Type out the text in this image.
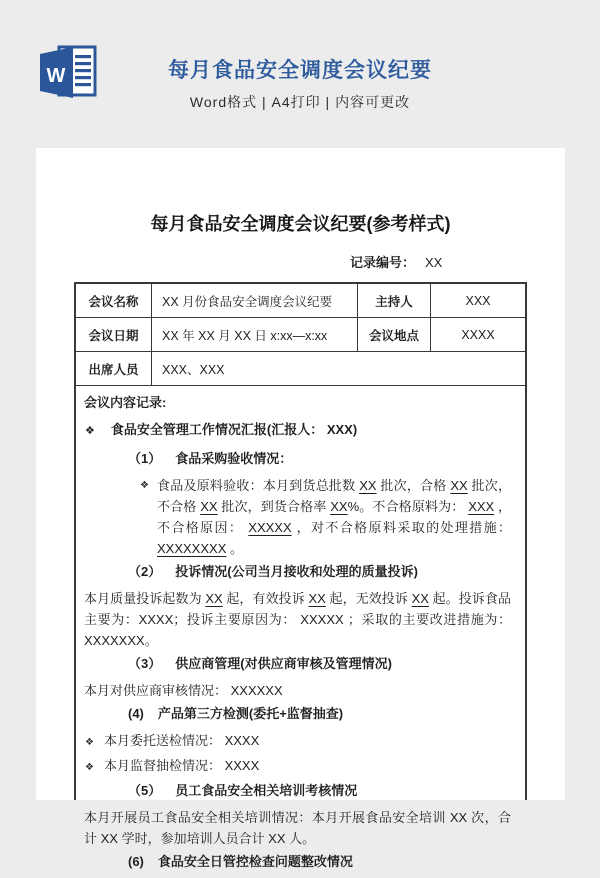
W	每月食品安全调度会议纪要

Word格式 | A4打印 | 内容可更改

每月食品安全调度会议纪要(参考样式)
记录编号： XX
会议名称	XX 月份食品安全调度会议纪要	主持人	XXX
会议日期	XX 年 XX 月 XX 日 x:xx—x:xx	会议地点	XXXX
出席人员	XXX、XXX
会议内容记录:
❖ 食品安全管理工作情况汇报(汇报人： XXX)
（1） 食品采购验收情况：
❖ 食品及原料验收：本月到货总批数 XX 批次，合格 XX 批次，不合格 XX 批次，到货合格率 XX%。不合格原料为： XXX ，不合格原因： XXXXX ，对不合格原料采取的处理措施： XXXXXXXX 。
（2） 投诉情况(公司当月接收和处理的质量投诉)
本月质量投诉起数为 XX 起，有效投诉 XX 起，无效投诉 XX 起。投诉食品主要为：XXXX；投诉主要原因为： XXXXX ；采取的主要改进措施为： XXXXXXX。
（3） 供应商管理(对供应商审核及管理情况)
本月对供应商审核情况： XXXXXX
(4) 产品第三方检测(委托+监督抽查)
❖ 本月委托送检情况： XXXX
❖ 本月监督抽检情况： XXXX
（5） 员工食品安全相关培训考核情况
本月开展员工食品安全相关培训情况：本月开展食品安全培训 XX 次，合计 XX 学时，参加培训人员合计 XX 人。
(6) 食品安全日管控检查问题整改情况
